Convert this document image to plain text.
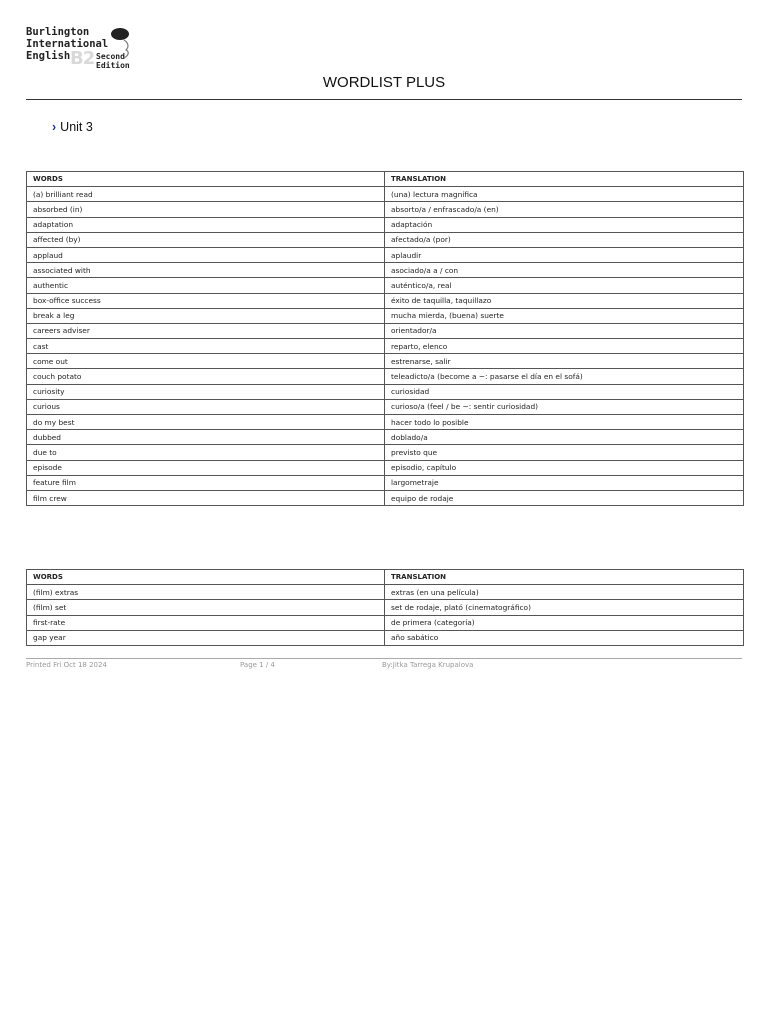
Burlington
International
English B2 Second
Edition
WORDLIST PLUS
› Unit 3
WORDS	TRANSLATION
(a) brilliant read	(una) lectura magnífica
absorbed (in)	absorto/a / enfrascado/a (en)
adaptation	adaptación
affected (by)	afectado/a (por)
applaud	aplaudir
associated with	asociado/a a / con
authentic	auténtico/a, real
box-office success	éxito de taquilla, taquillazo
break a leg	mucha mierda, (buena) suerte
careers adviser	orientador/a
cast	reparto, elenco
come out	estrenarse, salir
couch potato	teleadicto/a (become a ~: pasarse el día en el sofá)
curiosity	curiosidad
curious	curioso/a (feel / be ~: sentir curiosidad)
do my best	hacer todo lo posible
dubbed	doblado/a
due to	previsto que
episode	episodio, capítulo
feature film	largometraje
film crew	equipo de rodaje
WORDS	TRANSLATION
(film) extras	extras (en una película)
(film) set	set de rodaje, plató (cinematográfico)
first-rate	de primera (categoría)
gap year	año sabático
Printed Fri Oct 18 2024	Page 1 / 4	By:Jitka Tarrega Krupalova
